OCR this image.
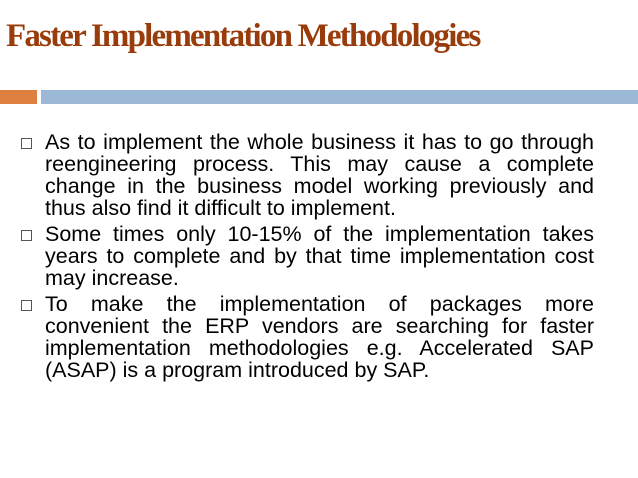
Faster Implementation Methodologies
As to implement the whole business it has to go through reengineering process. This may cause a complete change in the business model working previously and thus also find it difficult to implement.
Some times only 10-15% of the implementation takes years to complete and by that time implementation cost may increase.
To make the implementation of packages more convenient the ERP vendors are searching for faster implementation methodologies e.g. Accelerated SAP (ASAP) is a program introduced by SAP.
